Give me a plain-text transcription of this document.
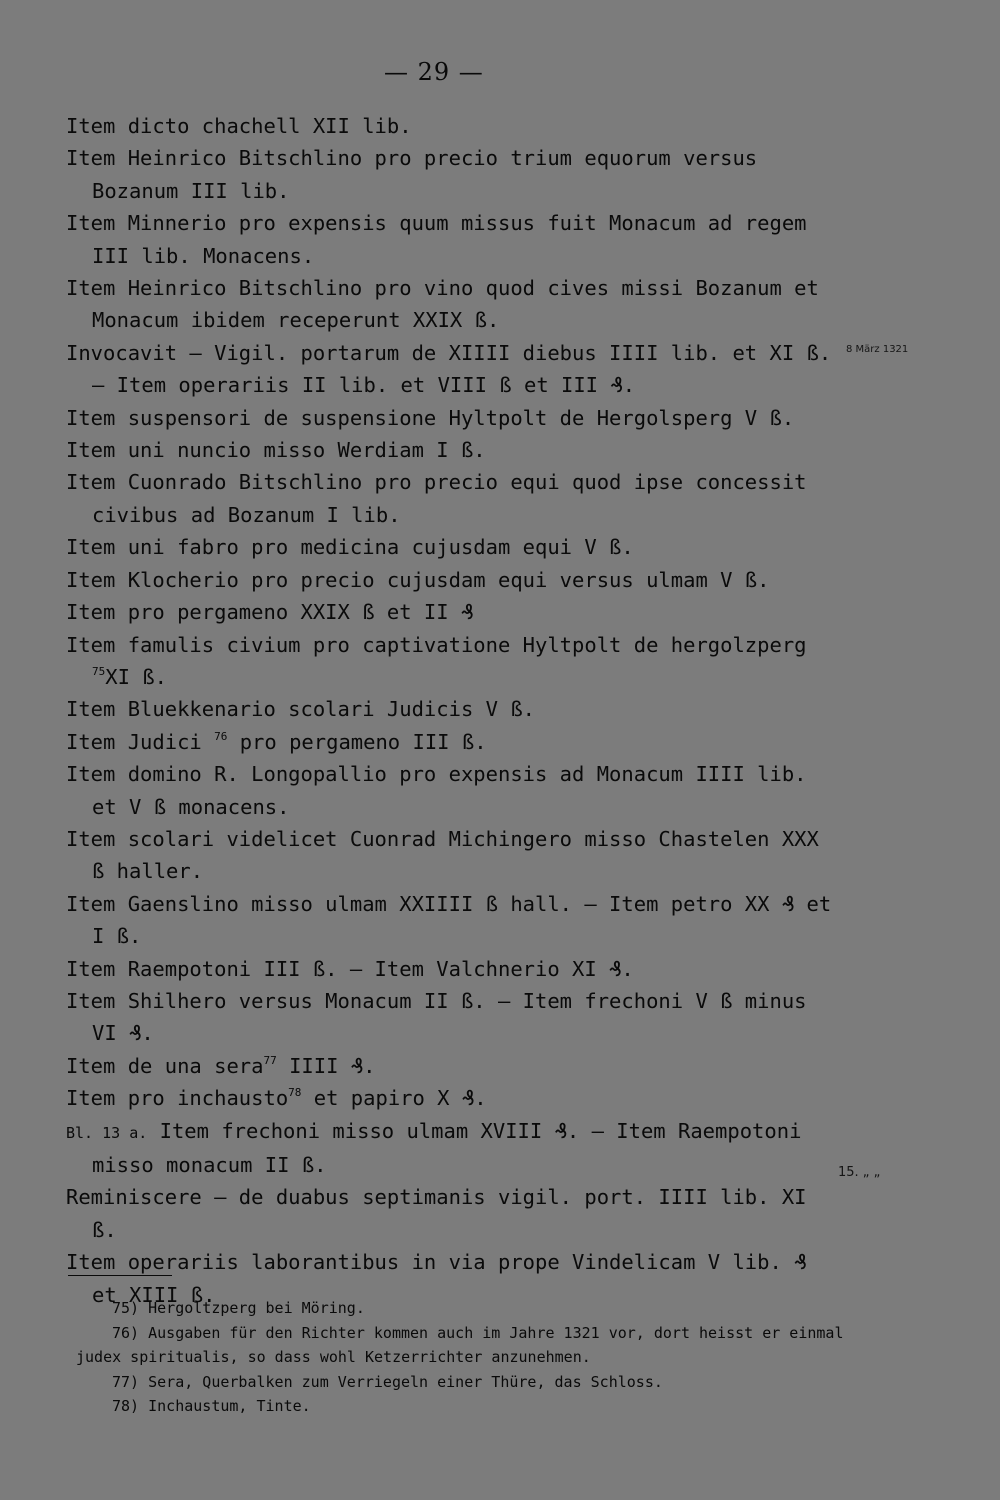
— 29 —
Item dicto chachell XII lib.
Item Heinrico Bitschlino pro precio trium equorum versus Bozanum III lib.
Item Minnerio pro expensis quum missus fuit Monacum ad regem III lib. Monacens.
Item Heinrico Bitschlino pro vino quod cives missi Bozanum et Monacum ibidem receperunt XXIX ß.
Invocavit — Vigil. portarum de XIIII diebus IIII lib. et XI ß. — Item operariis II lib. et VIII ß et III ₰.
Item suspensori de suspensione Hyltpolt de Hergolsperg V ß.
Item uni nuncio misso Werdiam I ß.
Item Cuonrado Bitschlino pro precio equi quod ipse concessit civibus ad Bozanum I lib.
Item uni fabro pro medicina cujusdam equi V ß.
Item Klocherio pro precio cujusdam equi versus ulmam V ß.
Item pro pergameno XXIX ß et II ₰
Item famulis civium pro captivatione Hyltpolt de hergolzperg $^{75}$XI ß.
Item Bluekkenario scolari Judicis V ß.
Item Judici $^{76}$ pro pergameno III ß.
Item domino R. Longopallio pro expensis ad Monacum IIII lib. et V ß monacens.
Item scolari videlicet Cuonrad Michingero misso Chastelen XXX ß haller.
Item Gaenslino misso ulmam XXIIII ß hall. — Item petro XX ₰ et I ß.
Item Raempotoni III ß. — Item Valchnerio XI ₰.
Item Shilhero versus Monacum II ß. — Item frechoni V ß minus VI ₰.
Item de una sera$^{77}$ IIII ₰.
Item pro inchausto$^{78}$ et papiro X ₰.
Bl. 13 a. Item frechoni misso ulmam XVIII ₰. — Item Raempotoni misso monacum II ß.
Reminiscere — de duabus septimanis vigil. port. IIII lib. XI ß.
Item operariis laborantibus in via prope Vindelicam V lib. ₰ et XIII ß.
8 März 1321
15. „ „
75) Hergoltzperg bei Möring.
76) Ausgaben für den Richter kommen auch im Jahre 1321 vor, dort heisst er einmal judex spiritualis, so dass wohl Ketzerrichter anzunehmen.
77) Sera, Querbalken zum Verriegeln einer Thüre, das Schloss.
78) Inchaustum, Tinte.
